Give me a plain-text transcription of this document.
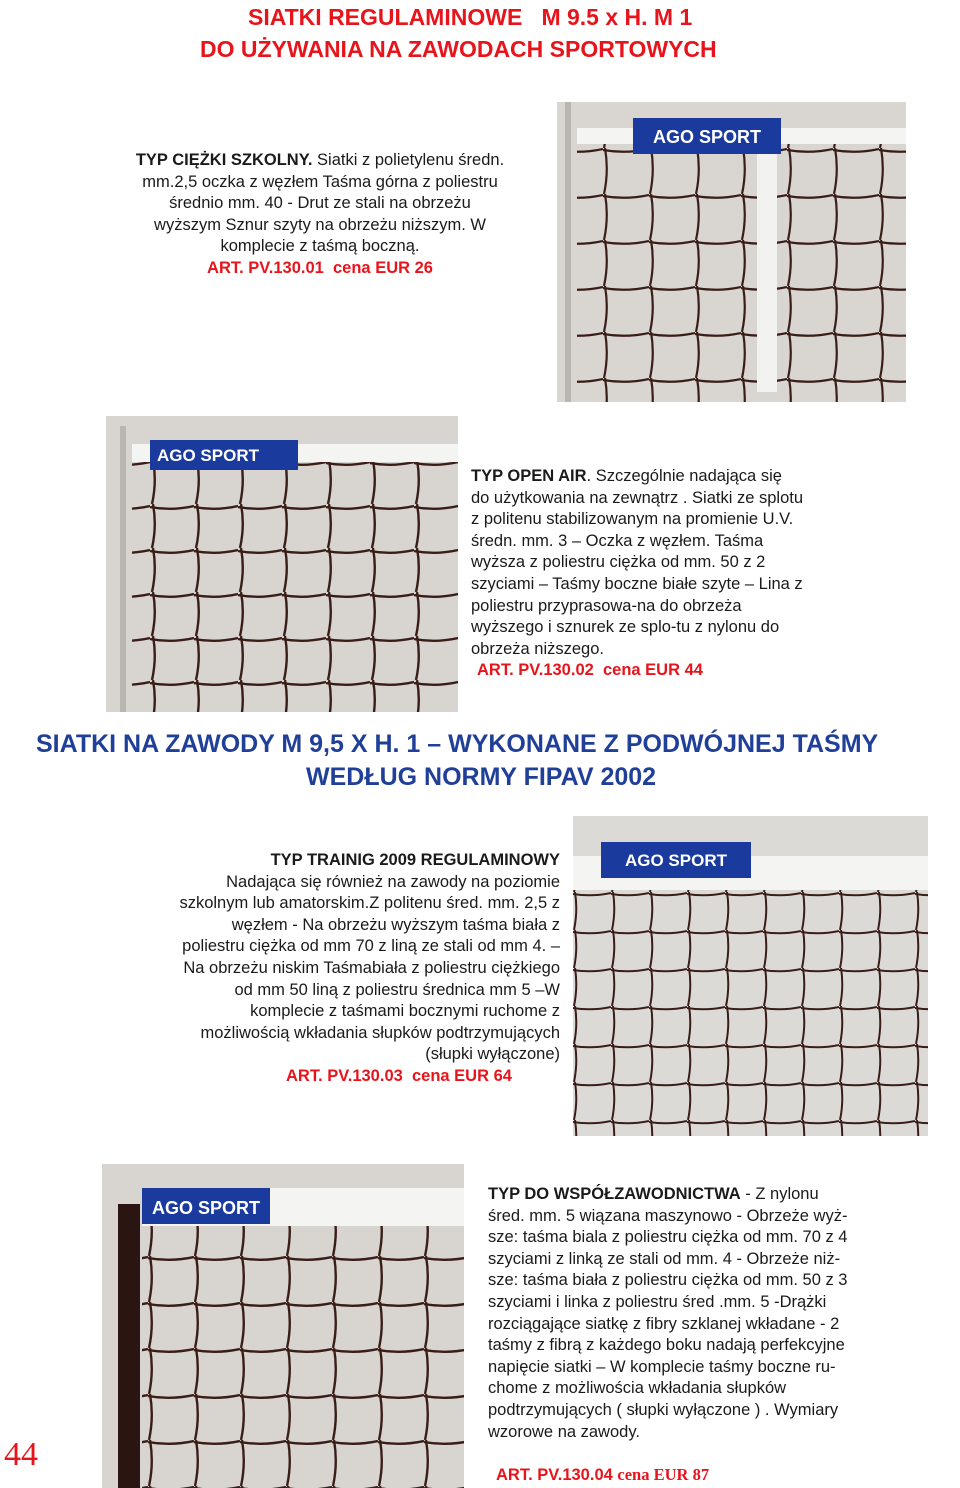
SIATKI REGULAMINOWE   M 9.5 x H. M 1
DO UŻYWANIA NA ZAWODACH SPORTOWYCH
TYP CIĘŻKI SZKOLNY. Siatki z polietylenu średn.
mm.2,5 oczka z węzłem Taśma górna z poliestru
średnio mm. 40 - Drut ze stali na obrzeżu
wyższym Sznur szyty na obrzeżu niższym. W
komplecie z taśmą boczną.
ART. PV.130.01  cena EUR 26
AGO SPORT
AGO SPORT
TYP OPEN AIR. Szczególnie nadająca się
do użytkowania na zewnątrz . Siatki ze splotu
z politenu stabilizowanym na promienie U.V.
średn. mm. 3 – Oczka z węzłem. Taśma
wyższa z poliestru ciężka od mm. 50 z 2
szyciami – Taśmy boczne białe szyte – Lina z
poliestru przyprasowa-na do obrzeża
wyższego i sznurek ze splo-tu z nylonu do
obrzeża niższego.
ART. PV.130.02  cena EUR 44
SIATKI NA ZAWODY M 9,5 X H. 1 – WYKONANE Z PODWÓJNEJ TAŚMY
WEDŁUG NORMY FIPAV 2002
TYP TRAINIG 2009 REGULAMINOWY
Nadająca się również na zawody na poziomie
szkolnym lub amatorskim.Z politenu śred. mm. 2,5 z
węzłem - Na obrzeżu wyższym taśma biała z
poliestru ciężka od mm 70 z liną ze stali od mm 4. –
Na obrzeżu niskim Taśmabiała z poliestru ciężkiego
od mm 50 liną z poliestru średnica mm 5 –W
komplecie z taśmami bocznymi ruchome z
możliwością wkładania słupków podtrzymujących
(słupki wyłączone)
ART. PV.130.03  cena EUR 64
AGO SPORT
AGO SPORT
TYP DO WSPÓŁZAWODNICTWA - Z nylonu
śred. mm. 5 wiązana maszynowo - Obrzeże wyż-
sze: taśma biala z poliestru ciężka od mm. 70 z 4
szyciami z linką ze stali od mm. 4 - Obrzeże niż-
sze: taśma biała z poliestru ciężka od mm. 50 z 3
szyciami i linka z poliestru śred .mm. 5 -Drążki
rozciągające siatkę z fibry szklanej wkładane - 2
taśmy z fibrą z każdego boku nadają perfekcyjne
napięcie siatki – W komplecie taśmy boczne ru-
chome z możliwościa wkładania słupków
podtrzymujących ( słupki wyłączone ) . Wymiary
wzorowe na zawody.
ART. PV.130.04 cena EUR 87
44
